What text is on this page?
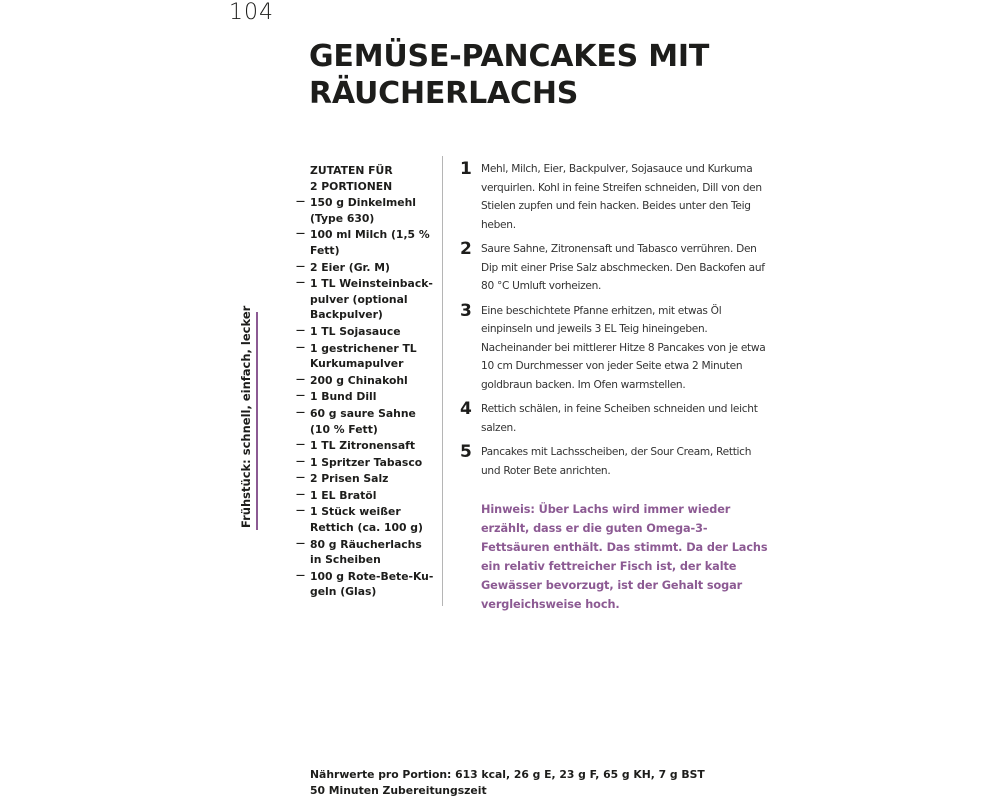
104
GEMÜSE-PANCAKES MIT
RÄUCHERLACHS
Frühstück: schnell, einfach, lecker
ZUTATEN FÜR
2 PORTIONEN
— 150 g Dinkelmehl (Type 630)
— 100 ml Milch (1,5 % Fett)
— 2 Eier (Gr. M)
— 1 TL Weinsteinbackpulver (optional Backpulver)
— 1 TL Sojasauce
— 1 gestrichener TL Kurkumapulver
— 200 g Chinakohl
— 1 Bund Dill
— 60 g saure Sahne (10 % Fett)
— 1 TL Zitronensaft
— 1 Spritzer Tabasco
— 2 Prisen Salz
— 1 EL Bratöl
— 1 Stück weißer Rettich (ca. 100 g)
— 80 g Räucherlachs in Scheiben
— 100 g Rote-Bete-Kugeln (Glas)
1 Mehl, Milch, Eier, Backpulver, Sojasauce und Kurkuma verquirlen. Kohl in feine Streifen schneiden, Dill von den Stielen zupfen und fein hacken. Beides unter den Teig heben.
2 Saure Sahne, Zitronensaft und Tabasco verrühren. Den Dip mit einer Prise Salz abschmecken. Den Backofen auf 80 °C Umluft vorheizen.
3 Eine beschichtete Pfanne erhitzen, mit etwas Öl einpinseln und jeweils 3 EL Teig hineingeben. Nacheinander bei mittlerer Hitze 8 Pancakes von je etwa 10 cm Durchmesser von jeder Seite etwa 2 Minuten goldbraun backen. Im Ofen warmstellen.
4 Rettich schälen, in feine Scheiben schneiden und leicht salzen.
5 Pancakes mit Lachsscheiben, der Sour Cream, Rettich und Roter Bete anrichten.
Hinweis: Über Lachs wird immer wieder erzählt, dass er die guten Omega-3-Fettsäuren enthält. Das stimmt. Da der Lachs ein relativ fettreicher Fisch ist, der kalte Gewässer bevorzugt, ist der Gehalt sogar vergleichsweise hoch.
Nährwerte pro Portion: 613 kcal, 26 g E, 23 g F, 65 g KH, 7 g BST
50 Minuten Zubereitungszeit
